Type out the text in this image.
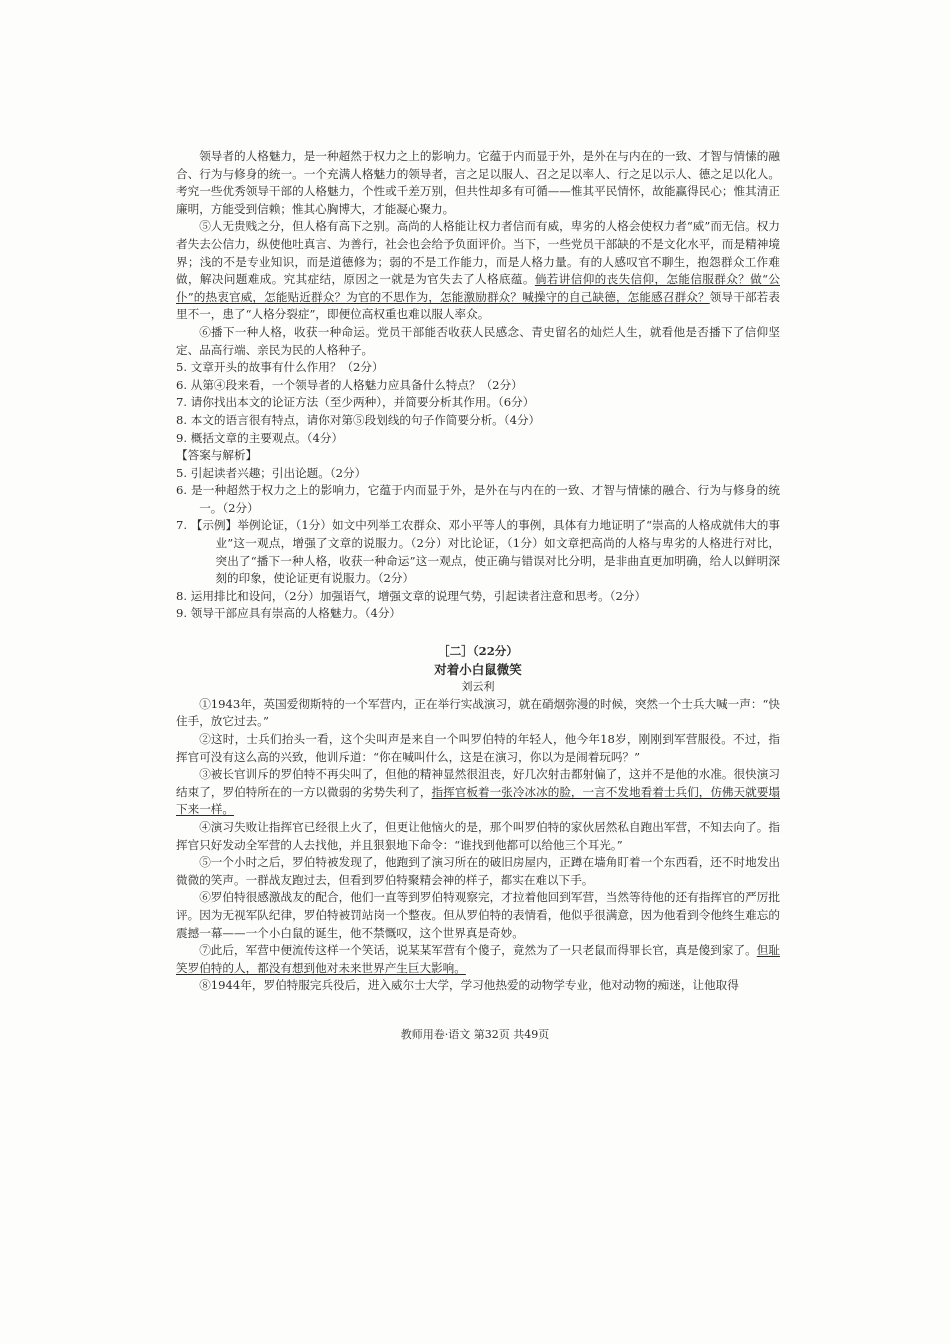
领导者的人格魅力，是一种超然于权力之上的影响力。它蕴于内而显于外，是外在与内在的一致、才智与情愫的融合、行为与修身的统一。一个充满人格魅力的领导者，言之足以服人、召之足以率人、行之足以示人、德之足以化人。考究一些优秀领导干部的人格魅力，个性或千差万别，但共性却多有可循——惟其平民情怀，故能赢得民心；惟其清正廉明，方能受到信赖；惟其心胸博大，才能凝心聚力。

⑤人无贵贱之分，但人格有高下之别。高尚的人格能让权力者信而有威，卑劣的人格会使权力者“威”而无信。权力者失去公信力，纵使他吐真言、为善行，社会也会给予负面评价。当下，一些党员干部缺的不是文化水平，而是精神境界；浅的不是专业知识，而是道德修为；弱的不是工作能力，而是人格力量。有的人感叹官不聊生，抱怨群众工作难做，解决问题难成。究其症结，原因之一就是为官失去了人格底蕴。倘若讲信仰的丧失信仰，怎能信服群众？做“公仆”的热衷官威，怎能贴近群众？为官的不思作为，怎能激励群众？喊操守的自己缺德，怎能感召群众？领导干部若表里不一，患了“人格分裂症”，即便位高权重也难以服人率众。

⑥播下一种人格，收获一种命运。党员干部能否收获人民感念、青史留名的灿烂人生，就看他是否播下了信仰坚定、品高行端、亲民为民的人格种子。

5. 文章开头的故事有什么作用？（2分）

6. 从第④段来看，一个领导者的人格魅力应具备什么特点？（2分）

7. 请你找出本文的论证方法（至少两种），并简要分析其作用。（6分）

8. 本文的语言很有特点，请你对第⑤段划线的句子作简要分析。（4分）

9. 概括文章的主要观点。（4分）

【答案与解析】

5. 引起读者兴趣；引出论题。（2分）

6. 是一种超然于权力之上的影响力，它蕴于内而显于外，是外在与内在的一致、才智与情愫的融合、行为与修身的统一。（2分）

7. 【示例】举例论证，（1分）如文中列举工农群众、邓小平等人的事例，具体有力地证明了“崇高的人格成就伟大的事业”这一观点，增强了文章的说服力。（2分）对比论证，（1分）如文章把高尚的人格与卑劣的人格进行对比，突出了“播下一种人格，收获一种命运”这一观点，使正确与错误对比分明，是非曲直更加明确，给人以鲜明深刻的印象，使论证更有说服力。（2分）

8. 运用排比和设问，（2分）加强语气，增强文章的说理气势，引起读者注意和思考。（2分）

9. 领导干部应具有崇高的人格魅力。（4分）

［二］（22分）

对着小白鼠微笑

刘云利

①1943年，英国爱彻斯特的一个军营内，正在举行实战演习，就在硝烟弥漫的时候，突然一个士兵大喊一声：“快住手，放它过去。”

②这时，士兵们抬头一看，这个尖叫声是来自一个叫罗伯特的年轻人，他今年18岁，刚刚到军营服役。不过，指挥官可没有这么高的兴致，他训斥道：“你在喊叫什么，这是在演习，你以为是闹着玩吗？”

③被长官训斥的罗伯特不再尖叫了，但他的精神显然很沮丧，好几次射击都射偏了，这并不是他的水准。很快演习结束了，罗伯特所在的一方以微弱的劣势失利了，指挥官板着一张冷冰冰的脸，一言不发地看着士兵们，仿佛天就要塌下来一样。

④演习失败让指挥官已经很上火了，但更让他恼火的是，那个叫罗伯特的家伙居然私自跑出军营，不知去向了。指挥官只好发动全军营的人去找他，并且狠狠地下命令：“谁找到他都可以给他三个耳光。”

⑤一个小时之后，罗伯特被发现了，他跑到了演习所在的破旧房屋内，正蹲在墙角盯着一个东西看，还不时地发出微微的笑声。一群战友跑过去，但看到罗伯特聚精会神的样子，都实在难以下手。

⑥罗伯特很感激战友的配合，他们一直等到罗伯特观察完，才拉着他回到军营，当然等待他的还有指挥官的严厉批评。因为无视军队纪律，罗伯特被罚站岗一个整夜。但从罗伯特的表情看，他似乎很满意，因为他看到令他终生难忘的震撼一幕——一个小白鼠的诞生，他不禁慨叹，这个世界真是奇妙。

⑦此后，军营中便流传这样一个笑话，说某某军营有个傻子，竟然为了一只老鼠而得罪长官，真是傻到家了。但耻笑罗伯特的人，都没有想到他对未来世界产生巨大影响。

⑧1944年，罗伯特服完兵役后，进入威尔士大学，学习他热爱的动物学专业，他对动物的痴迷，让他取得

教师用卷·语文 第32页 共49页
